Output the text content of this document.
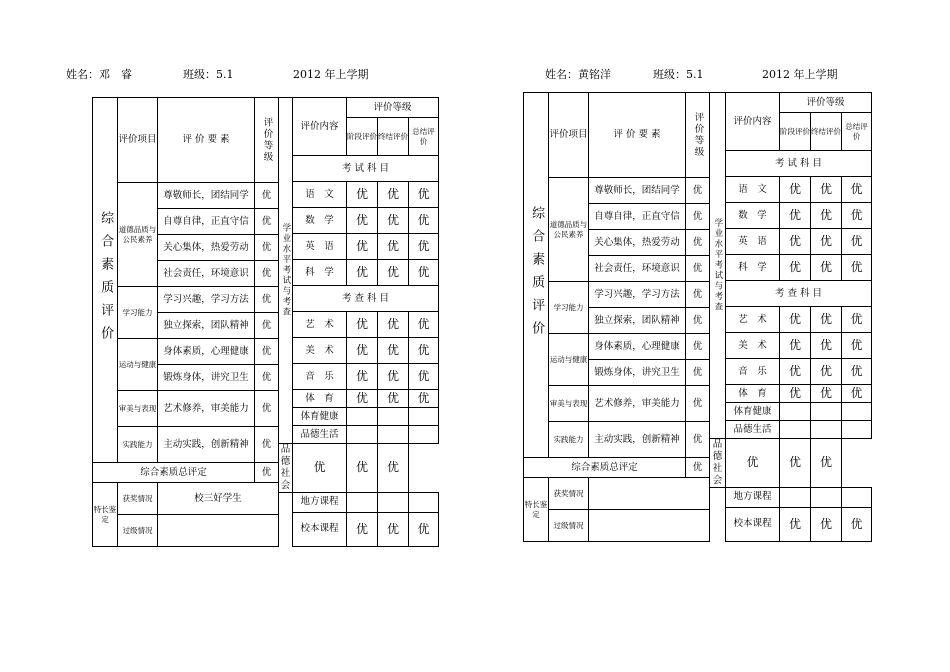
姓名：邓　睿	班级：5.1	2012 年上学期
综合素质评价	评价项目	评 价 要 素	评价等级
	道德品质与公民素养	尊敬师长，团结同学	优
		自尊自律，正直守信	优
		关心集体，热爱劳动	优
		社会责任，环境意识	优
	学习能力	学习兴趣，学习方法	优
		独立探索，团队精神	优
	运动与健康	身体素质，心理健康	优
		锻炼身体，讲究卫生	优
	审美与表现	艺术修养，审美能力	优
	实践能力	主动实践，创新精神	优
综合素质总评定			优
特长鉴定	获奖情况	校三好学生	
	过级情况		
学业水平考试与考查	评价内容	评价等级		
		阶段评价	终结评价	总结评价
	考 试 科 目			
	语　文	优	优	优
	数　学	优	优	优
	英　语	优	优	优
	科　学	优	优	优
	考 查 科 目			
	艺　术	优	优	优
	美　术	优	优	优
	音　乐	优	优	优
	体　育	优	优	优
	体育健康			
	品德生活			
品德社会	优	优	优	
	地方课程			
	校本课程	优	优	优
姓名：黄铭洋	班级：5.1	2012 年上学期
综合素质评价	评价项目	评 价 要 素	评价等级
	道德品质与公民素养	尊敬师长，团结同学	优
		自尊自律，正直守信	优
		关心集体，热爱劳动	优
		社会责任，环境意识	优
	学习能力	学习兴趣，学习方法	优
		独立探索，团队精神	优
	运动与健康	身体素质，心理健康	优
		锻炼身体，讲究卫生	优
	审美与表现	艺术修养，审美能力	优
	实践能力	主动实践，创新精神	优
综合素质总评定			优
特长鉴定	获奖情况		
	过级情况		
学业水平考试与考查	评价内容	评价等级		
		阶段评价	终结评价	总结评价
	考 试 科 目			
	语　文	优	优	优
	数　学	优	优	优
	英　语	优	优	优
	科　学	优	优	优
	考 查 科 目			
	艺　术	优	优	优
	美　术	优	优	优
	音　乐	优	优	优
	体　育	优	优	优
	体育健康			
	品德生活			
品德社会	优	优	优	
	地方课程			
	校本课程	优	优	优
